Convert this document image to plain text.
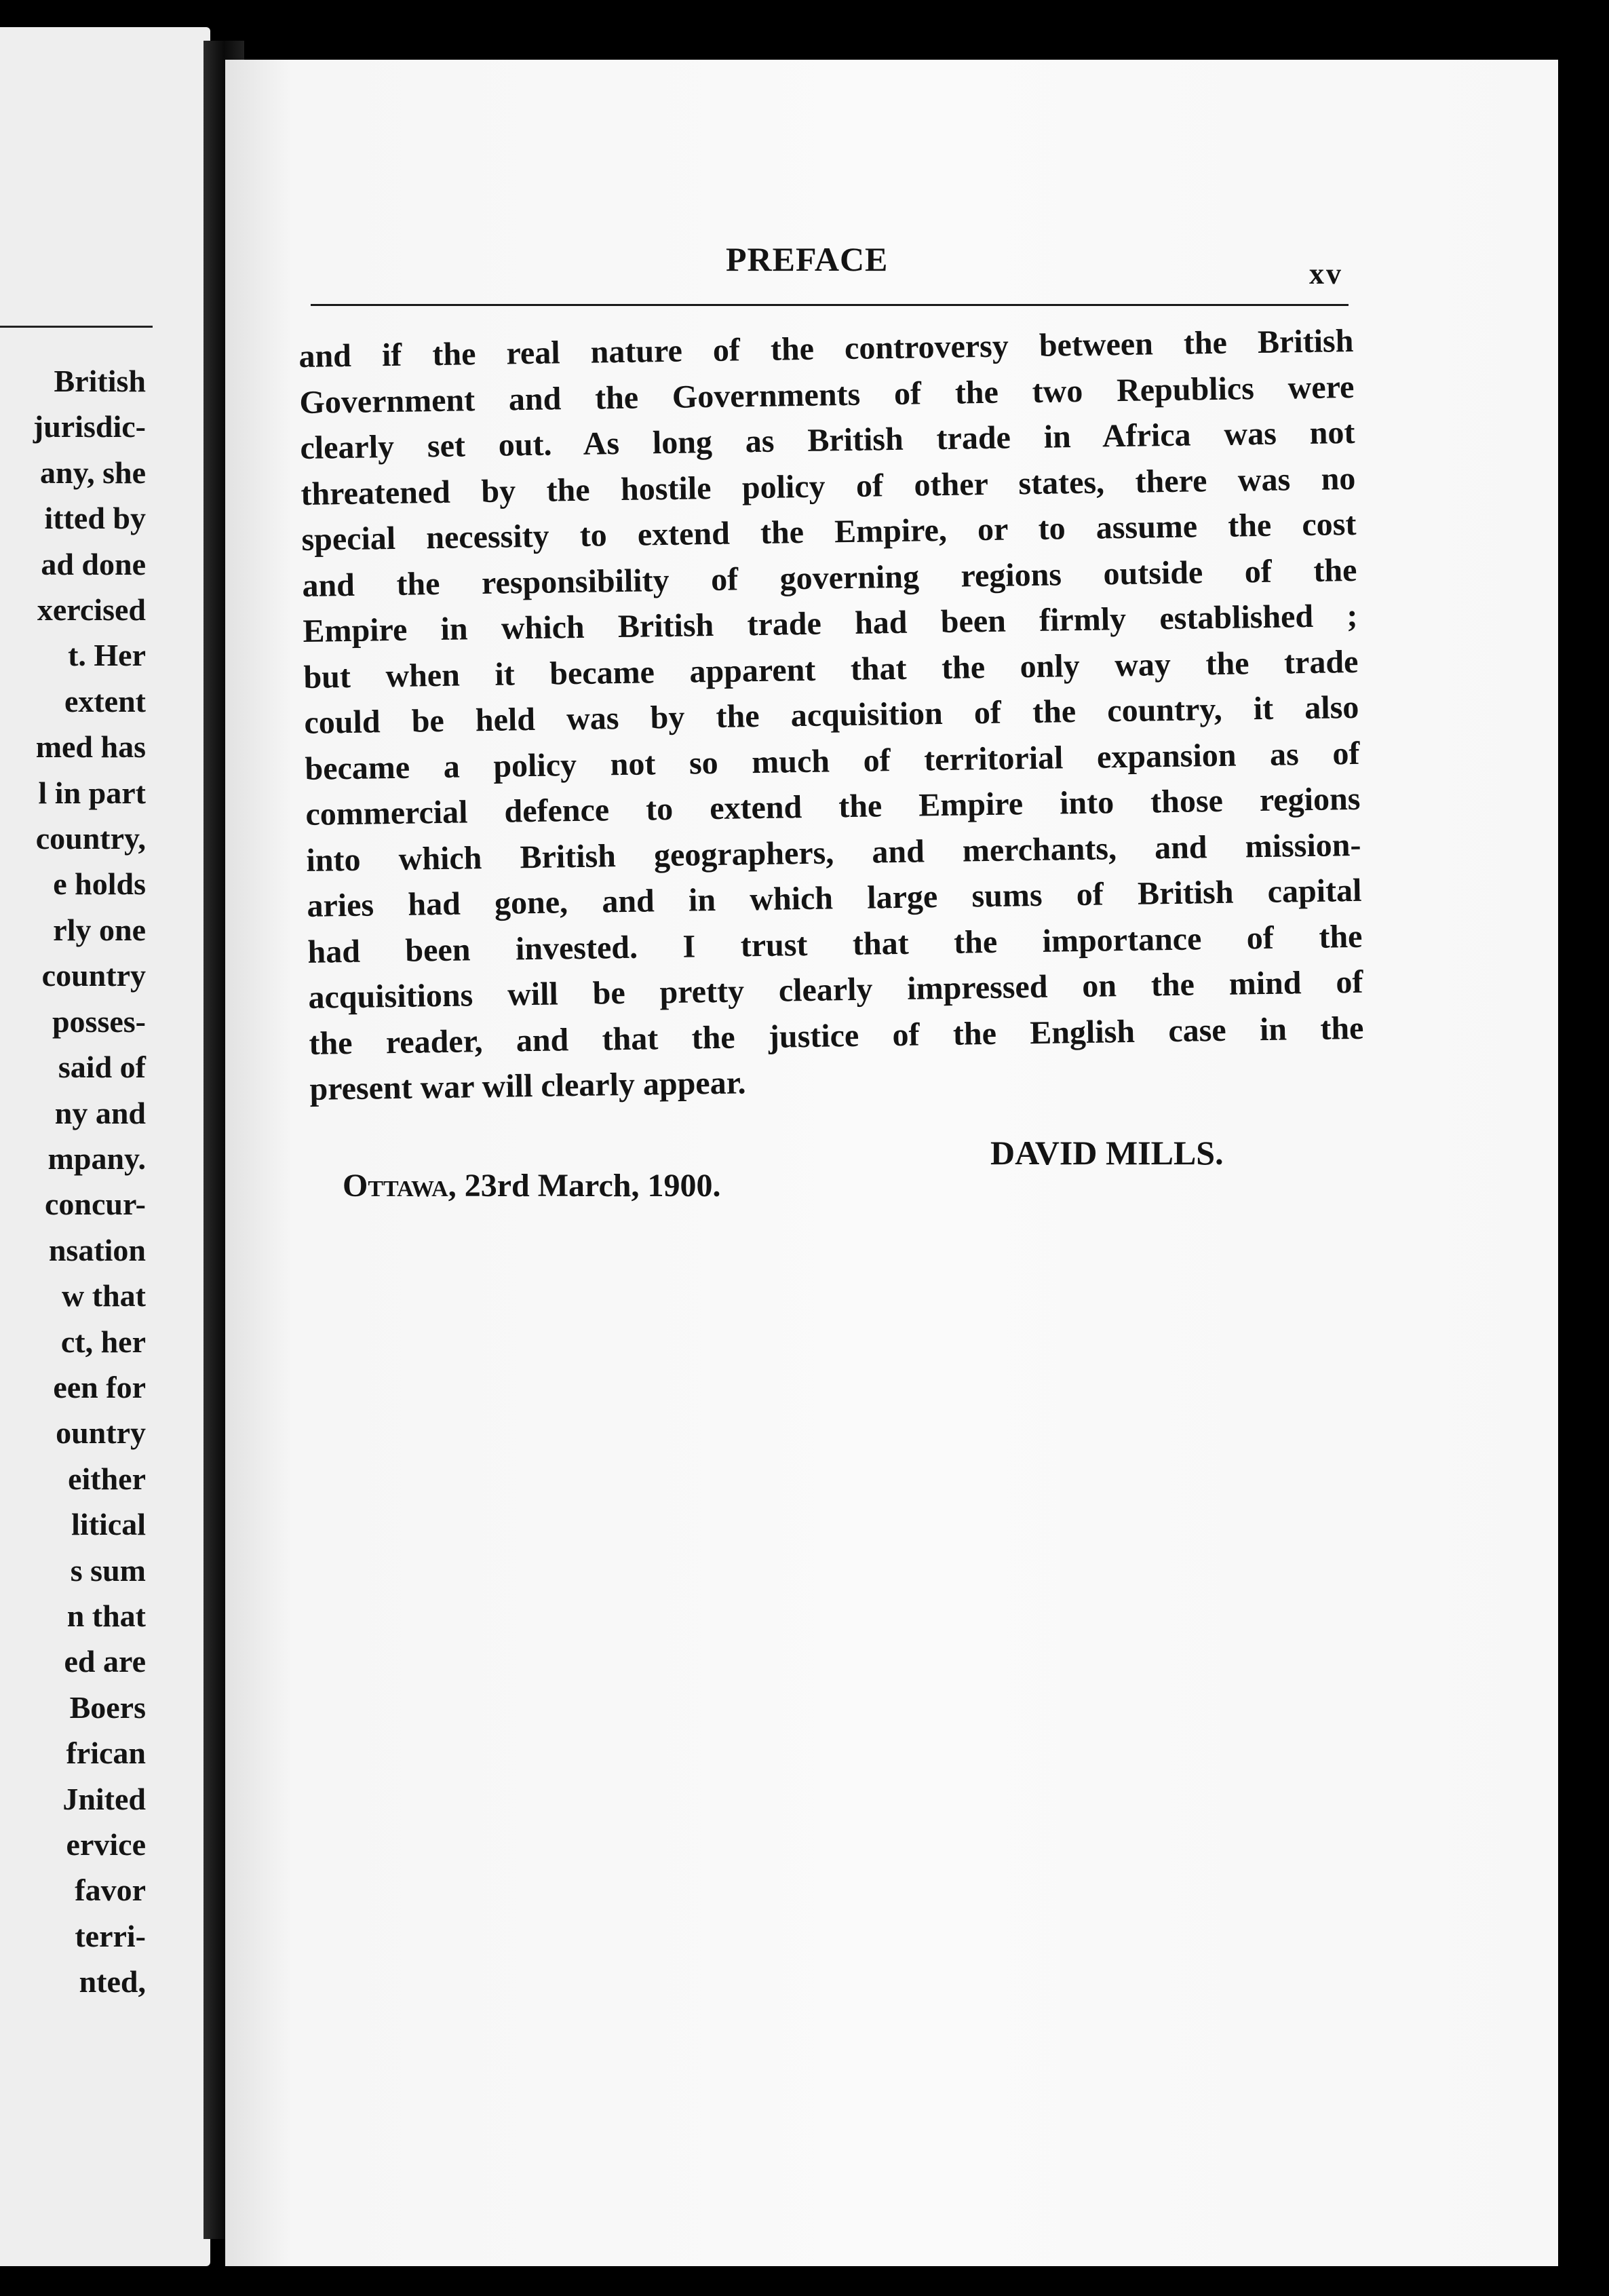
British
jurisdic-
any, she
itted by
ad done
xercised
t. Her
extent
med has
l in part
country,
e holds
rly one
country
posses-
said of
ny and
mpany.
concur-
nsation
w that
ct, her
een for
ountry
either
litical
s sum
n that
ed are
Boers
frican
Jnited
ervice
favor
terri-
nted,
PREFACE	xv
and if the real nature of the controversy between the British
Government and the Governments of the two Republics were
clearly set out. As long as British trade in Africa was not
threatened by the hostile policy of other states, there was no
special necessity to extend the Empire, or to assume the cost
and the responsibility of governing regions outside of the
Empire in which British trade had been firmly established ;
but when it became apparent that the only way the trade
could be held was by the acquisition of the country, it also
became a policy not so much of territorial expansion as of
commercial defence to extend the Empire into those regions
into which British geographers, and merchants, and mission-
aries had gone, and in which large sums of British capital
had been invested. I trust that the importance of the
acquisitions will be pretty clearly impressed on the mind of
the reader, and that the justice of the English case in the
present war will clearly appear.
DAVID MILLS.
Ottawa, 23rd March, 1900.
